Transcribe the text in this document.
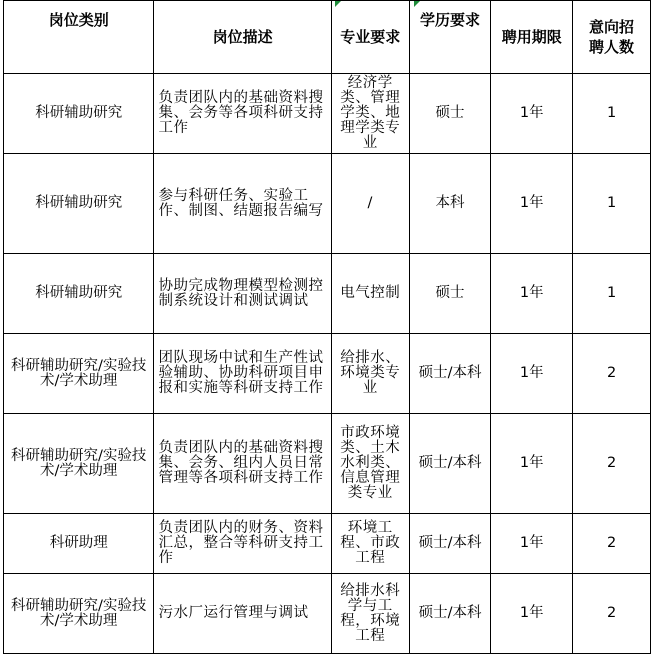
岗位类别	岗位描述	专业要求	学历要求	聘用期限	意向招聘人数
科研辅助研究	负责团队内的基础资料搜集、会务等各项科研支持工作	经济学类、管理学类、地理学类专业	硕士	1年	1
科研辅助研究	参与科研任务、实验工作、制图、结题报告编写	/	本科	1年	1
科研辅助研究	协助完成物理模型检测控制系统设计和测试调试	电气控制	硕士	1年	1
科研辅助研究/实验技术/学术助理	团队现场中试和生产性试验辅助、协助科研项目申报和实施等科研支持工作	给排水、环境类专业	硕士/本科	1年	2
科研辅助研究/实验技术/学术助理	负责团队内的基础资料搜集、会务、组内人员日常管理等各项科研支持工作	市政环境类、土木水利类、信息管理类专业	硕士/本科	1年	2
科研助理	负责团队内的财务、资料汇总，整合等科研支持工作	环境工程、市政工程	硕士/本科	1年	2
科研辅助研究/实验技术/学术助理	污水厂运行管理与调试	给排水科学与工程，环境工程	硕士/本科	1年	2
